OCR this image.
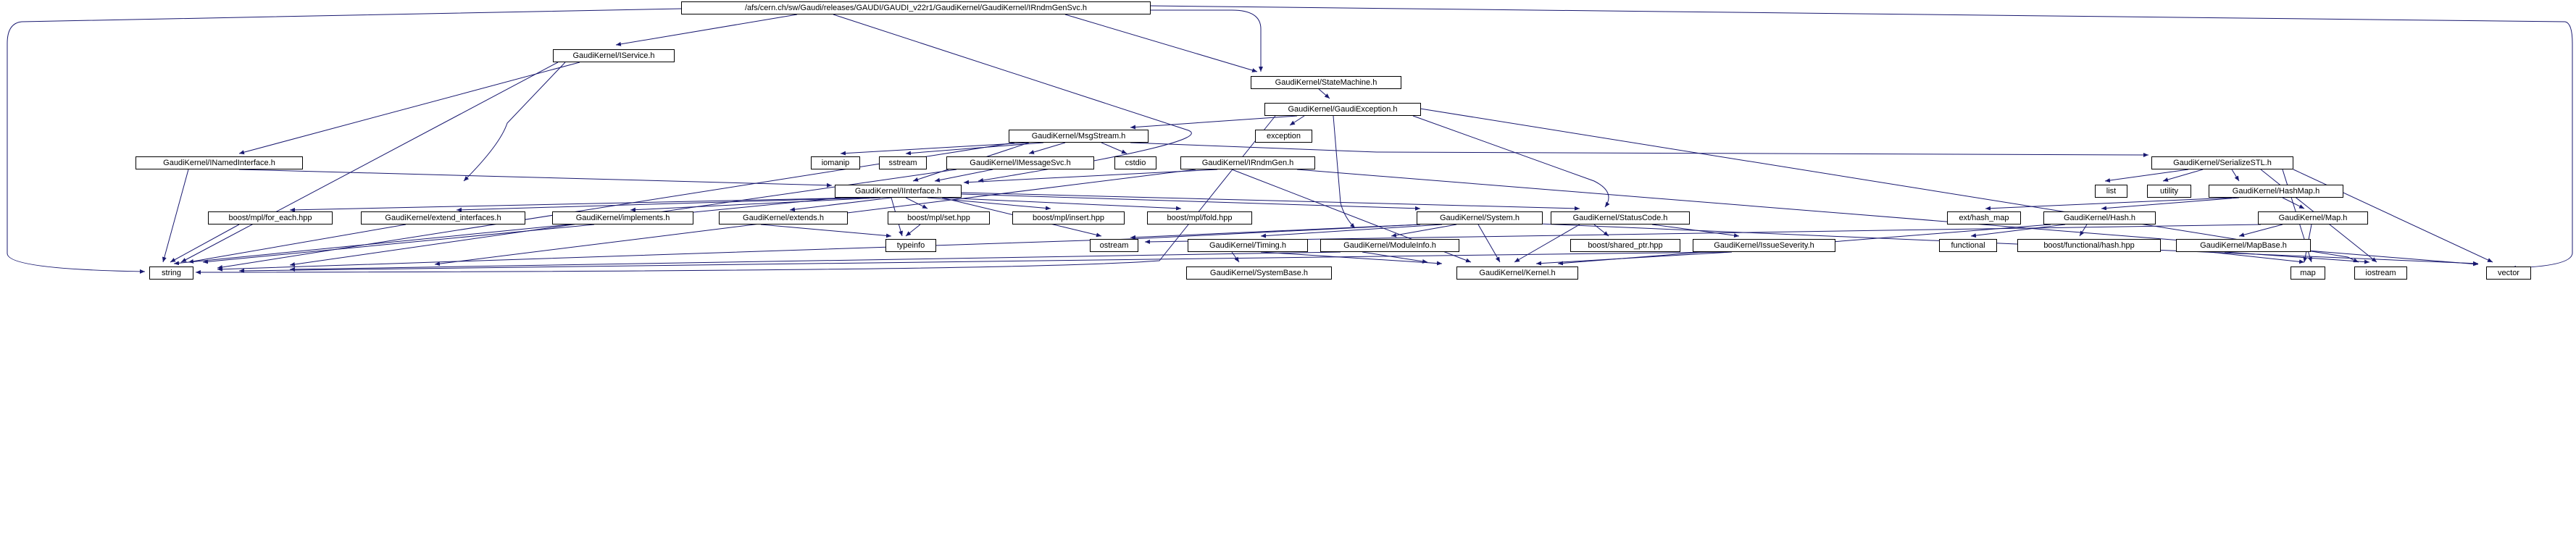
/afs/cern.ch/sw/Gaudi/releases/GAUDI/GAUDI_v22r1/GaudiKernel/GaudiKernel/IRndmGenSvc.h
GaudiKernel/IService.h
GaudiKernel/StateMachine.h
GaudiKernel/GaudiException.h
GaudiKernel/MsgStream.h	exception
GaudiKernel/INamedInterface.h	iomanip	sstream	GaudiKernel/IMessageSvc.h	cstdio	GaudiKernel/IRndmGen.h	GaudiKernel/SerializeSTL.h
GaudiKernel/IInterface.h	list	utility	GaudiKernel/HashMap.h
boost/mpl/for_each.hpp	GaudiKernel/extend_interfaces.h	GaudiKernel/implements.h	GaudiKernel/extends.h	boost/mpl/set.hpp	boost/mpl/insert.hpp	boost/mpl/fold.hpp	GaudiKernel/System.h	GaudiKernel/StatusCode.h	ext/hash_map	GaudiKernel/Hash.h	GaudiKernel/Map.h
typeinfo	ostream	GaudiKernel/Timing.h	GaudiKernel/ModuleInfo.h	boost/shared_ptr.hpp	GaudiKernel/IssueSeverity.h	functional	boost/functional/hash.hpp	GaudiKernel/MapBase.h
string	GaudiKernel/SystemBase.h	GaudiKernel/Kernel.h	map	iostream	vector
